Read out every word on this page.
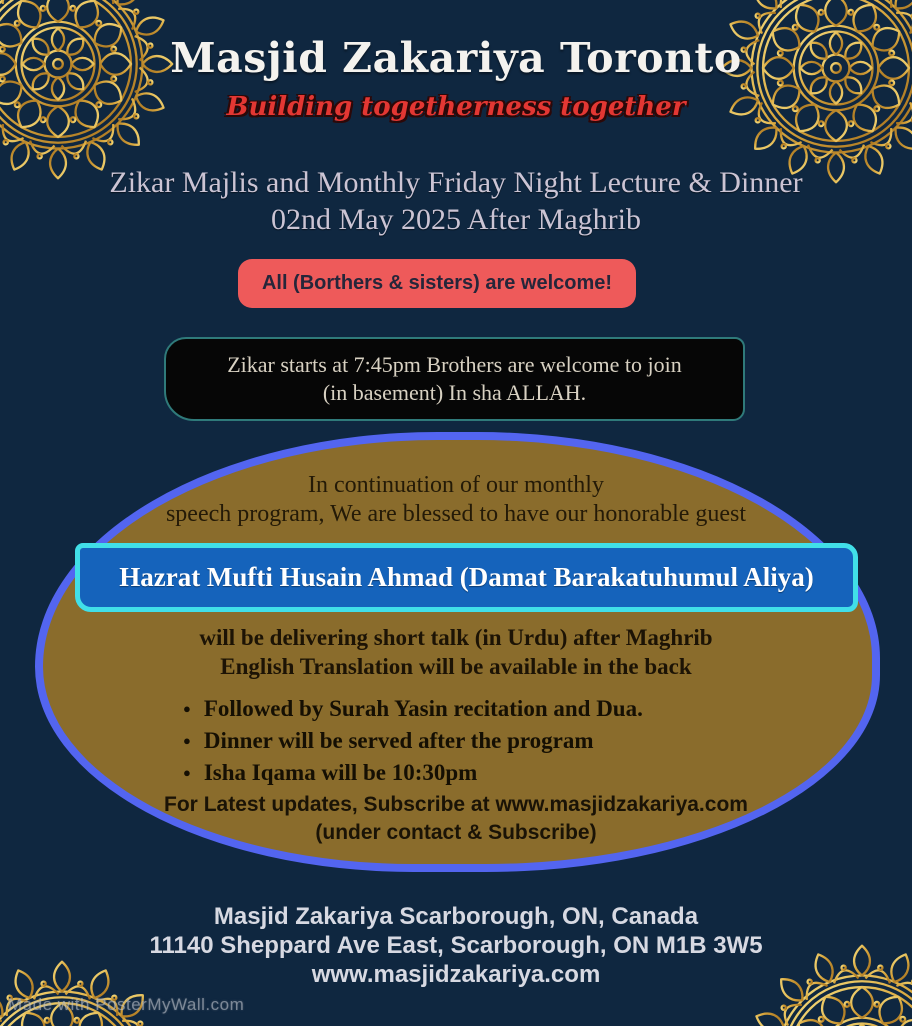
Masjid Zakariya Toronto
Building togetherness together
Zikar Majlis and Monthly Friday Night Lecture & Dinner
02nd May 2025 After Maghrib
All (Borthers & sisters) are welcome!
Zikar starts at 7:45pm Brothers are welcome to join
(in basement) In sha ALLAH.
In continuation of our monthly
speech program, We are blessed to have our honorable guest
Hazrat Mufti Husain Ahmad (Damat Barakatuhumul Aliya)
will be delivering short talk (in Urdu) after Maghrib
English Translation will be available in the back
● Followed by Surah Yasin recitation and Dua.
● Dinner will be served after the program
● Isha Iqama will be 10:30pm
For Latest updates, Subscribe at www.masjidzakariya.com
(under contact & Subscribe)
Masjid Zakariya Scarborough, ON, Canada
11140 Sheppard Ave East, Scarborough, ON M1B 3W5
www.masjidzakariya.com
Made with PosterMyWall.com
